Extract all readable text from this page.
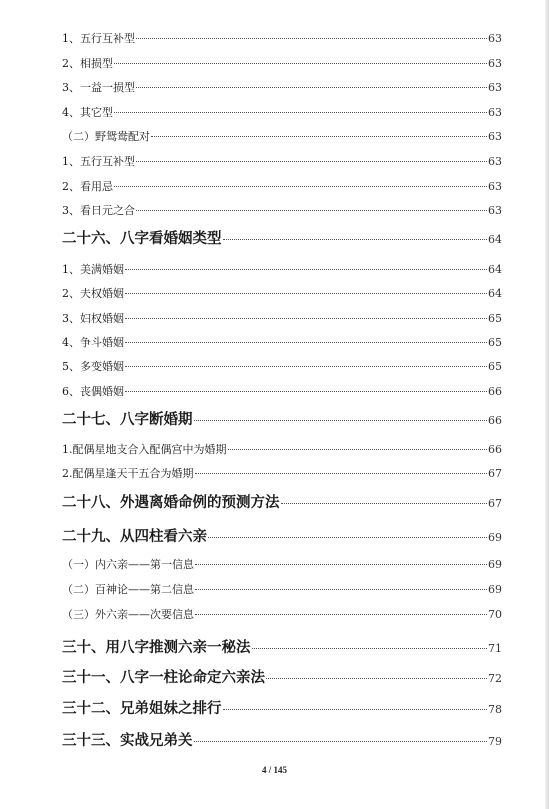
1、五行互补型	63
2、相损型	63
3、一益一损型	63
4、其它型	63
（二）野鸳鸯配对	63
1、五行互补型	63
2、看用忌	63
3、看日元之合	63
二十六、八字看婚姻类型	64
1、美满婚姻	64
2、夫权婚姻	64
3、妇权婚姻	65
4、争斗婚姻	65
5、多变婚姻	65
6、丧偶婚姻	66
二十七、八字断婚期	66
1.配偶星地支合入配偶宫中为婚期	66
2.配偶星逢天干五合为婚期	67
二十八、外遇离婚命例的预测方法	67
二十九、从四柱看六亲	69
（一）内六亲——第一信息	69
（二）百神论——第二信息	69
（三）外六亲——次要信息	70
三十、用八字推测六亲一秘法	71
三十一、八字一柱论命定六亲法	72
三十二、兄弟姐妹之排行	78
三十三、实战兄弟关	79
4 / 145
